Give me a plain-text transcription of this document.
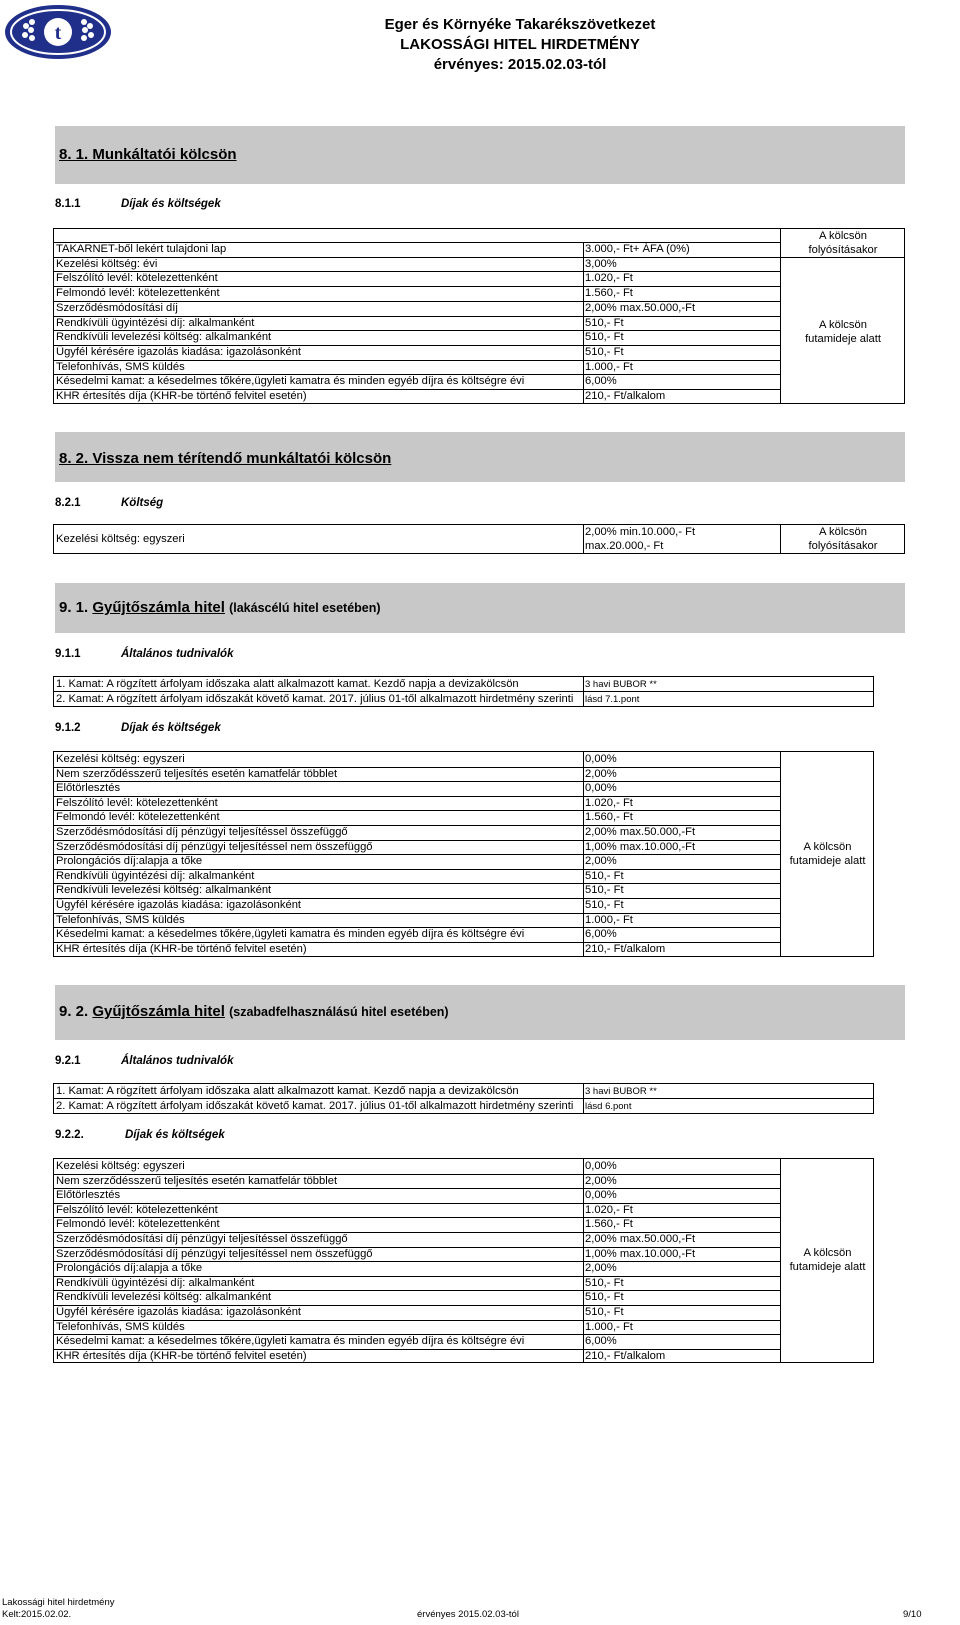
t	Eger és Környéke Takarékszövetkezet
LAKOSSÁGI HITEL HIRDETMÉNY
érvényes: 2015.02.03-tól
8. 1. Munkáltatói kölcsön
8.1.1	Díjak és költségek
TAKARNET-ből lekért tulajdoni lap	3.000,- Ft+ ÁFA (0%)
Kezelési költség: évi	3,00%
Felszólító levél: kötelezettenként	1.020,- Ft
Felmondó levél: kötelezettenként	1.560,- Ft
Szerződésmódosítási díj	2,00% max.50.000,-Ft
Rendkívüli ügyintézési díj: alkalmanként	510,- Ft
Rendkívüli levelezési költség: alkalmanként	510,- Ft
Ügyfél kérésére igazolás kiadása: igazolásonként	510,- Ft
Telefonhívás, SMS küldés	1.000,- Ft
Késedelmi kamat: a késedelmes tőkére,ügyleti kamatra és minden egyéb díjra és költségre évi	6,00%
KHR értesítés díja (KHR-be történő felvitel esetén)	210,- Ft/alkalom
A kölcsön
folyósításakor
A kölcsön
futamideje alatt
8. 2. Vissza nem térítendő munkáltatói kölcsön
8.2.1	Költség
Kezelési költség: egyszeri
2,00% min.10.000,- Ft
max.20.000,- Ft
A kölcsön
folyósításakor
9. 1. Gyűjtőszámla hitel (lakáscélú hitel esetében)
9.1.1	Általános tudnivalók
1. Kamat: A rögzített árfolyam időszaka alatt alkalmazott kamat. Kezdő napja a devizakölcsön	3 havi BUBOR **
2. Kamat: A rögzített árfolyam időszakát követő kamat. 2017. július 01-től alkalmazott hirdetmény szerinti lásd 7.1.pont
9.1.2	Díjak és költségek
Kezelési költség: egyszeri	0,00%
Nem szerződésszerű teljesítés esetén kamatfelár többlet	2,00%
Előtörlesztés	0,00%
Felszólító levél: kötelezettenként	1.020,- Ft
Felmondó levél: kötelezettenként	1.560,- Ft
Szerződésmódosítási díj pénzügyi teljesítéssel összefüggő	2,00% max.50.000,-Ft
Szerződésmódosítási díj pénzügyi teljesítéssel nem összefüggő	1,00% max.10.000,-Ft
Prolongációs díj:alapja a tőke	2,00%
Rendkívüli ügyintézési díj: alkalmanként	510,- Ft
Rendkívüli levelezési költség: alkalmanként	510,- Ft
Ügyfél kérésére igazolás kiadása: igazolásonként	510,- Ft
Telefonhívás, SMS küldés	1.000,- Ft
Késedelmi kamat: a késedelmes tőkére,ügyleti kamatra és minden egyéb díjra és költségre évi	6,00%
KHR értesítés díja (KHR-be történő felvitel esetén)	210,- Ft/alkalom
A kölcsön
futamideje alatt
9. 2. Gyűjtőszámla hitel (szabadfelhasználású hitel esetében)
9.2.1	Általános tudnivalók
1. Kamat: A rögzített árfolyam időszaka alatt alkalmazott kamat. Kezdő napja a devizakölcsön	3 havi BUBOR **
2. Kamat: A rögzített árfolyam időszakát követő kamat. 2017. július 01-től alkalmazott hirdetmény szerinti lásd 6.pont
9.2.2.	Díjak és költségek
Kezelési költség: egyszeri	0,00%
Nem szerződésszerű teljesítés esetén kamatfelár többlet	2,00%
Előtörlesztés	0,00%
Felszólító levél: kötelezettenként	1.020,- Ft
Felmondó levél: kötelezettenként	1.560,- Ft
Szerződésmódosítási díj pénzügyi teljesítéssel összefüggő	2,00% max.50.000,-Ft
Szerződésmódosítási díj pénzügyi teljesítéssel nem összefüggő	1,00% max.10.000,-Ft
Prolongációs díj:alapja a tőke	2,00%
Rendkívüli ügyintézési díj: alkalmanként	510,- Ft
Rendkívüli levelezési költség: alkalmanként	510,- Ft
Ügyfél kérésére igazolás kiadása: igazolásonként	510,- Ft
Telefonhívás, SMS küldés	1.000,- Ft
Késedelmi kamat: a késedelmes tőkére,ügyleti kamatra és minden egyéb díjra és költségre évi	6,00%
KHR értesítés díja (KHR-be történő felvitel esetén)	210,- Ft/alkalom
A kölcsön
futamideje alatt
Lakossági hitel hirdetmény
Kelt:2015.02.02.	érvényes 2015.02.03-tól	9/10
